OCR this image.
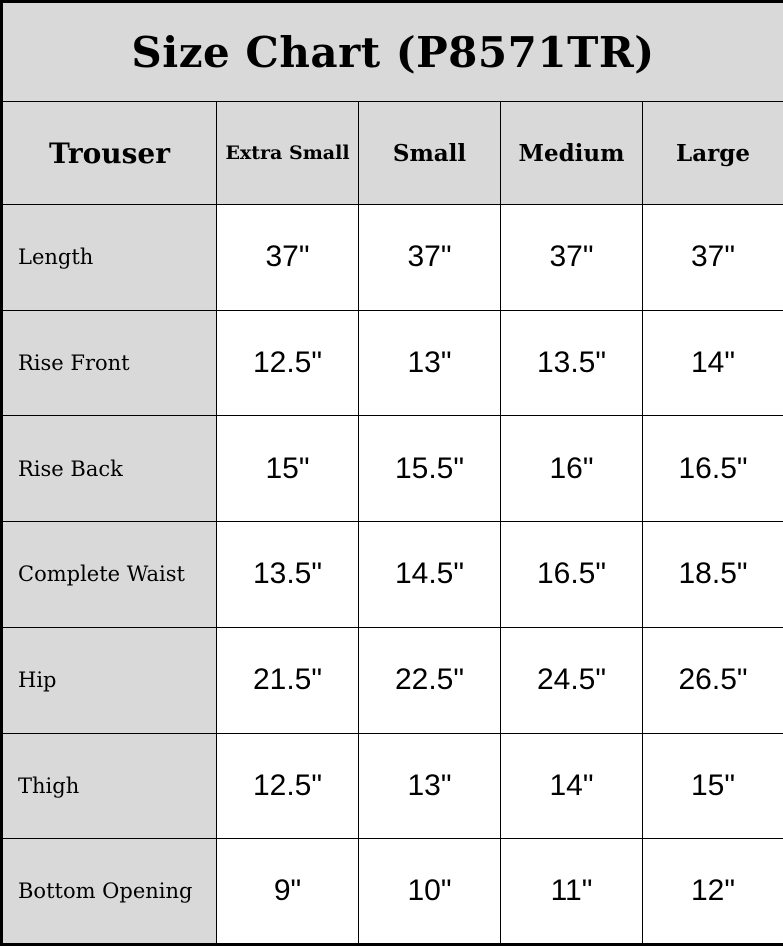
Size Chart (P8571TR)				
Trouser	Extra Small	Small	Medium	Large
Length	37"	37"	37"	37"
Rise Front	12.5"	13"	13.5"	14"
Rise Back	15"	15.5"	16"	16.5"
Complete Waist	13.5"	14.5"	16.5"	18.5"
Hip	21.5"	22.5"	24.5"	26.5"
Thigh	12.5"	13"	14"	15"
Bottom Opening	9"	10"	11"	12"
